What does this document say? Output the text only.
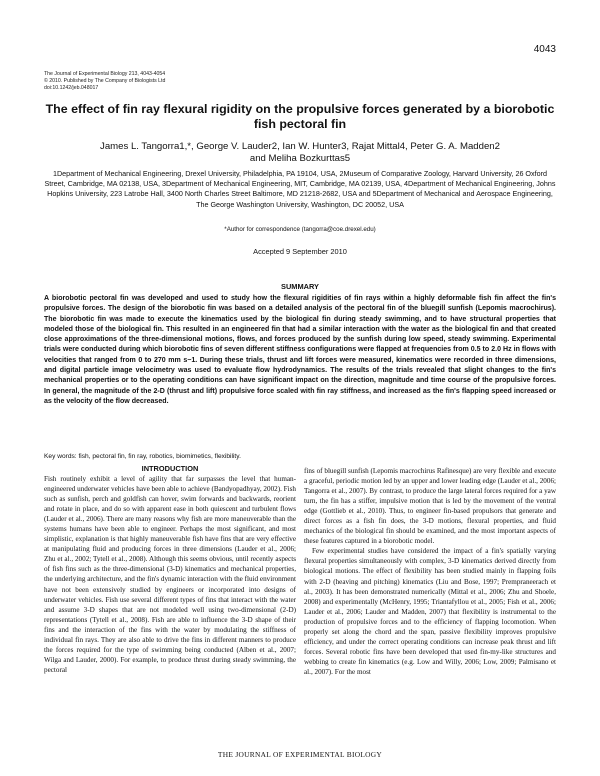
4043
The Journal of Experimental Biology 213, 4043-4054
© 2010. Published by The Company of Biologists Ltd
doi:10.1242/jeb.048017
The effect of fin ray flexural rigidity on the propulsive forces generated by a biorobotic fish pectoral fin
James L. Tangorra1,*, George V. Lauder2, Ian W. Hunter3, Rajat Mittal4, Peter G. A. Madden2
and Meliha Bozkurttas5
1Department of Mechanical Engineering, Drexel University, Philadelphia, PA 19104, USA, 2Museum of Comparative Zoology, Harvard University, 26 Oxford Street, Cambridge, MA 02138, USA, 3Department of Mechanical Engineering, MIT, Cambridge, MA 02139, USA, 4Department of Mechanical Engineering, Johns Hopkins University, 223 Latrobe Hall, 3400 North Charles Street Baltimore, MD 21218-2682, USA and 5Department of Mechanical and Aerospace Engineering, The George Washington University, Washington, DC 20052, USA
*Author for correspondence (tangorra@coe.drexel.edu)
Accepted 9 September 2010
SUMMARY
A biorobotic pectoral fin was developed and used to study how the flexural rigidities of fin rays within a highly deformable fish fin affect the fin's propulsive forces. The design of the biorobotic fin was based on a detailed analysis of the pectoral fin of the bluegill sunfish (Lepomis macrochirus). The biorobotic fin was made to execute the kinematics used by the biological fin during steady swimming, and to have structural properties that modeled those of the biological fin. This resulted in an engineered fin that had a similar interaction with the water as the biological fin and that created close approximations of the three-dimensional motions, flows, and forces produced by the sunfish during low speed, steady swimming. Experimental trials were conducted during which biorobotic fins of seven different stiffness configurations were flapped at frequencies from 0.5 to 2.0 Hz in flows with velocities that ranged from 0 to 270 mm s−1. During these trials, thrust and lift forces were measured, kinematics were recorded in three dimensions, and digital particle image velocimetry was used to evaluate flow hydrodynamics. The results of the trials revealed that slight changes to the fin's mechanical properties or to the operating conditions can have significant impact on the direction, magnitude and time course of the propulsive forces. In general, the magnitude of the 2-D (thrust and lift) propulsive force scaled with fin ray stiffness, and increased as the fin's flapping speed increased or as the velocity of the flow decreased.
Key words: fish, pectoral fin, fin ray, robotics, biomimetics, flexibility.
INTRODUCTION

Fish routinely exhibit a level of agility that far surpasses the level that human-engineered underwater vehicles have been able to achieve (Bandyopadhyay, 2002). Fish such as sunfish, perch and goldfish can hover, swim forwards and backwards, reorient and rotate in place, and do so with apparent ease in both quiescent and turbulent flows (Lauder et al., 2006). There are many reasons why fish are more maneuverable than the systems humans have been able to engineer. Perhaps the most significant, and most simplistic, explanation is that highly maneuverable fish have fins that are very effective at manipulating fluid and producing forces in three dimensions (Lauder et al., 2006; Zhu et al., 2002; Tytell et al., 2008). Although this seems obvious, until recently aspects of fish fins such as the three-dimensional (3-D) kinematics and mechanical properties, the underlying architecture, and the fin's dynamic interaction with the fluid environment have not been extensively studied by engineers or incorporated into designs of underwater vehicles. Fish use several different types of fins that interact with the water and assume 3-D shapes that are not modeled well using two-dimensional (2-D) representations (Tytell et al., 2008). Fish are able to influence the 3-D shape of their fins and the interaction of the fins with the water by modulating the stiffness of individual fin rays. They are also able to drive the fins in different manners to produce the forces required for the type of swimming being conducted (Alben et al., 2007; Wilga and Lauder, 2000). For example, to produce thrust during steady swimming, the pectoral

fins of bluegill sunfish (Lepomis macrochirus Rafinesque) are very flexible and execute a graceful, periodic motion led by an upper and lower leading edge (Lauder et al., 2006; Tangorra et al., 2007). By contrast, to produce the large lateral forces required for a yaw turn, the fin has a stiffer, impulsive motion that is led by the movement of the ventral edge (Gottlieb et al., 2010). Thus, to engineer fin-based propulsors that generate and direct forces as a fish fin does, the 3-D motions, flexural properties, and fluid mechanics of the biological fin should be examined, and the most important aspects of these features captured in a biorobotic model.

Few experimental studies have considered the impact of a fin's spatially varying flexural properties simultaneously with complex, 3-D kinematics derived directly from biological motions. The effect of flexibility has been studied mainly in flapping foils with 2-D (heaving and pitching) kinematics (Liu and Bose, 1997; Prempraneerach et al., 2003). It has been demonstrated numerically (Mittal et al., 2006; Zhu and Shoele, 2008) and experimentally (McHenry, 1995; Triantafyllou et al., 2005; Fish et al., 2006; Lauder et al., 2006; Lauder and Madden, 2007) that flexibility is instrumental to the production of propulsive forces and to the efficiency of flapping locomotion. When properly set along the chord and the span, passive flexibility improves propulsive efficiency, and under the correct operating conditions can increase peak thrust and lift forces. Several robotic fins have been developed that used fin-my-like structures and webbing to create fin kinematics (e.g. Low and Willy, 2006; Low, 2009; Palmisano et al., 2007). For the most

THE JOURNAL OF EXPERIMENTAL BIOLOGY
